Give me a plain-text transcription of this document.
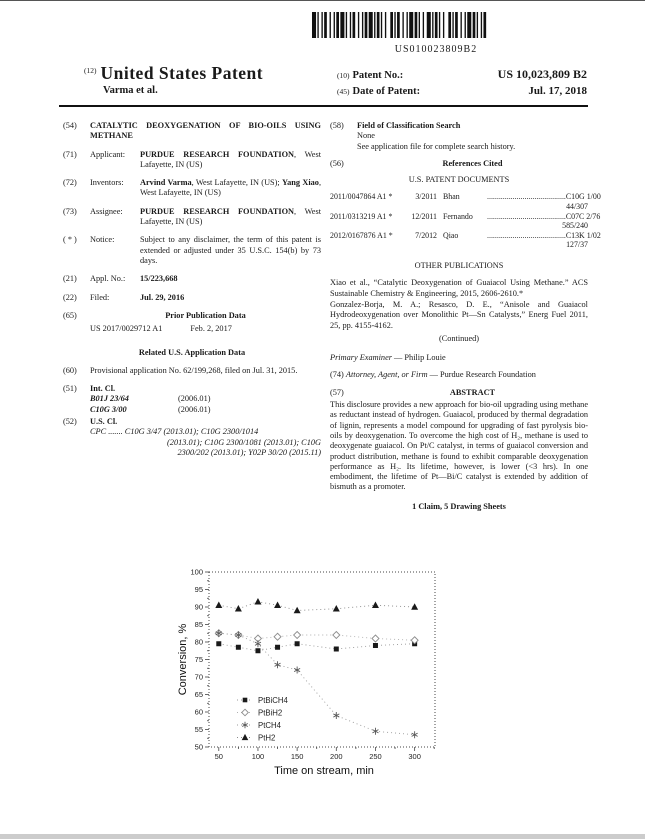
US010023809B2
$^{(12)}$ United States Patent
Varma et al.
(10) Patent No.:	US 10,023,809 B2
(45) Date of Patent:	Jul. 17, 2018
(54)	CATALYTIC DEOXYGENATION OF BIO-OILS USING METHANE
(71)	Applicant:	PURDUE RESEARCH FOUNDATION, West Lafayette, IN (US)
(72)	Inventors:	Arvind Varma, West Lafayette, IN (US); Yang Xiao, West Lafayette, IN (US)
(73)	Assignee:	PURDUE RESEARCH FOUNDATION, West Lafayette, IN (US)
( * )	Notice:	Subject to any disclaimer, the term of this patent is extended or adjusted under 35 U.S.C. 154(b) by 73 days.
(21)	Appl. No.:	15/223,668
(22)	Filed:	Jul. 29, 2016
(65)	Prior Publication Data
US 2017/0029712 A1	Feb. 2, 2017
Related U.S. Application Data
(60)	Provisional application No. 62/199,268, filed on Jul. 31, 2015.
(51)	Int. Cl.
B01J 23/64	(2006.01)
C10G 3/00	(2006.01)
(52)	U.S. Cl.
CPC ....... C10G 3/47 (2013.01); C10G 2300/1014
(2013.01); C10G 2300/1081 (2013.01); C10G
2300/202 (2013.01); Y02P 30/20 (2015.11)
(58)	Field of Classification Search
None
See application file for complete search history.
(56)	References Cited
U.S. PATENT DOCUMENTS
2011/0047864 A1 *	3/2011 Bhan	........................................ C10G 1/00
44/307
2011/0313219 A1 *	12/2011 Fernando	........................................ C07C 2/76
585/240
2012/0167876 A1 *	7/2012 Qiao	........................................ C13K 1/02
127/37
OTHER PUBLICATIONS
Xiao et al., “Catalytic Deoxygenation of Guaiacol Using Methane.” ACS Sustainable Chemistry & Engineering, 2015, 2606-2610.*
Gonzalez-Borja, M. A.; Resasco, D. E., “Anisole and Guaiacol Hydrodeoxygenation over Monolithic Pt—Sn Catalysts,” Energ Fuel 2011, 25, pp. 4155-4162.
(Continued)
Primary Examiner — Philip Louie
(74) Attorney, Agent, or Firm — Purdue Research Foundation
(57)	ABSTRACT
This disclosure provides a new approach for bio-oil upgrading using methane as reductant instead of hydrogen. Guaiacol, produced by thermal degradation of lignin, represents a model compound for upgrading of fast pyrolysis bio-oils by deoxygenation. To overcome the high cost of H₂, methane is used to deoxygenate guaiacol. On Pt/C catalyst, in terms of guaiacol conversion and product distribution, methane is found to exhibit comparable deoxygenation performance as H₂. Its lifetime, however, is lower (<3 hrs). In one embodiment, the lifetime of Pt—Bi/C catalyst is extended by addition of bismuth as a promoter.
1 Claim, 5 Drawing Sheets
50
55
60
65
70
75
80
85
90
95
100
50	100	150	200	250	300
PtBiCH4
PtBiH2
PtCH4
PtH2
Time on stream, min
Conversion, %
